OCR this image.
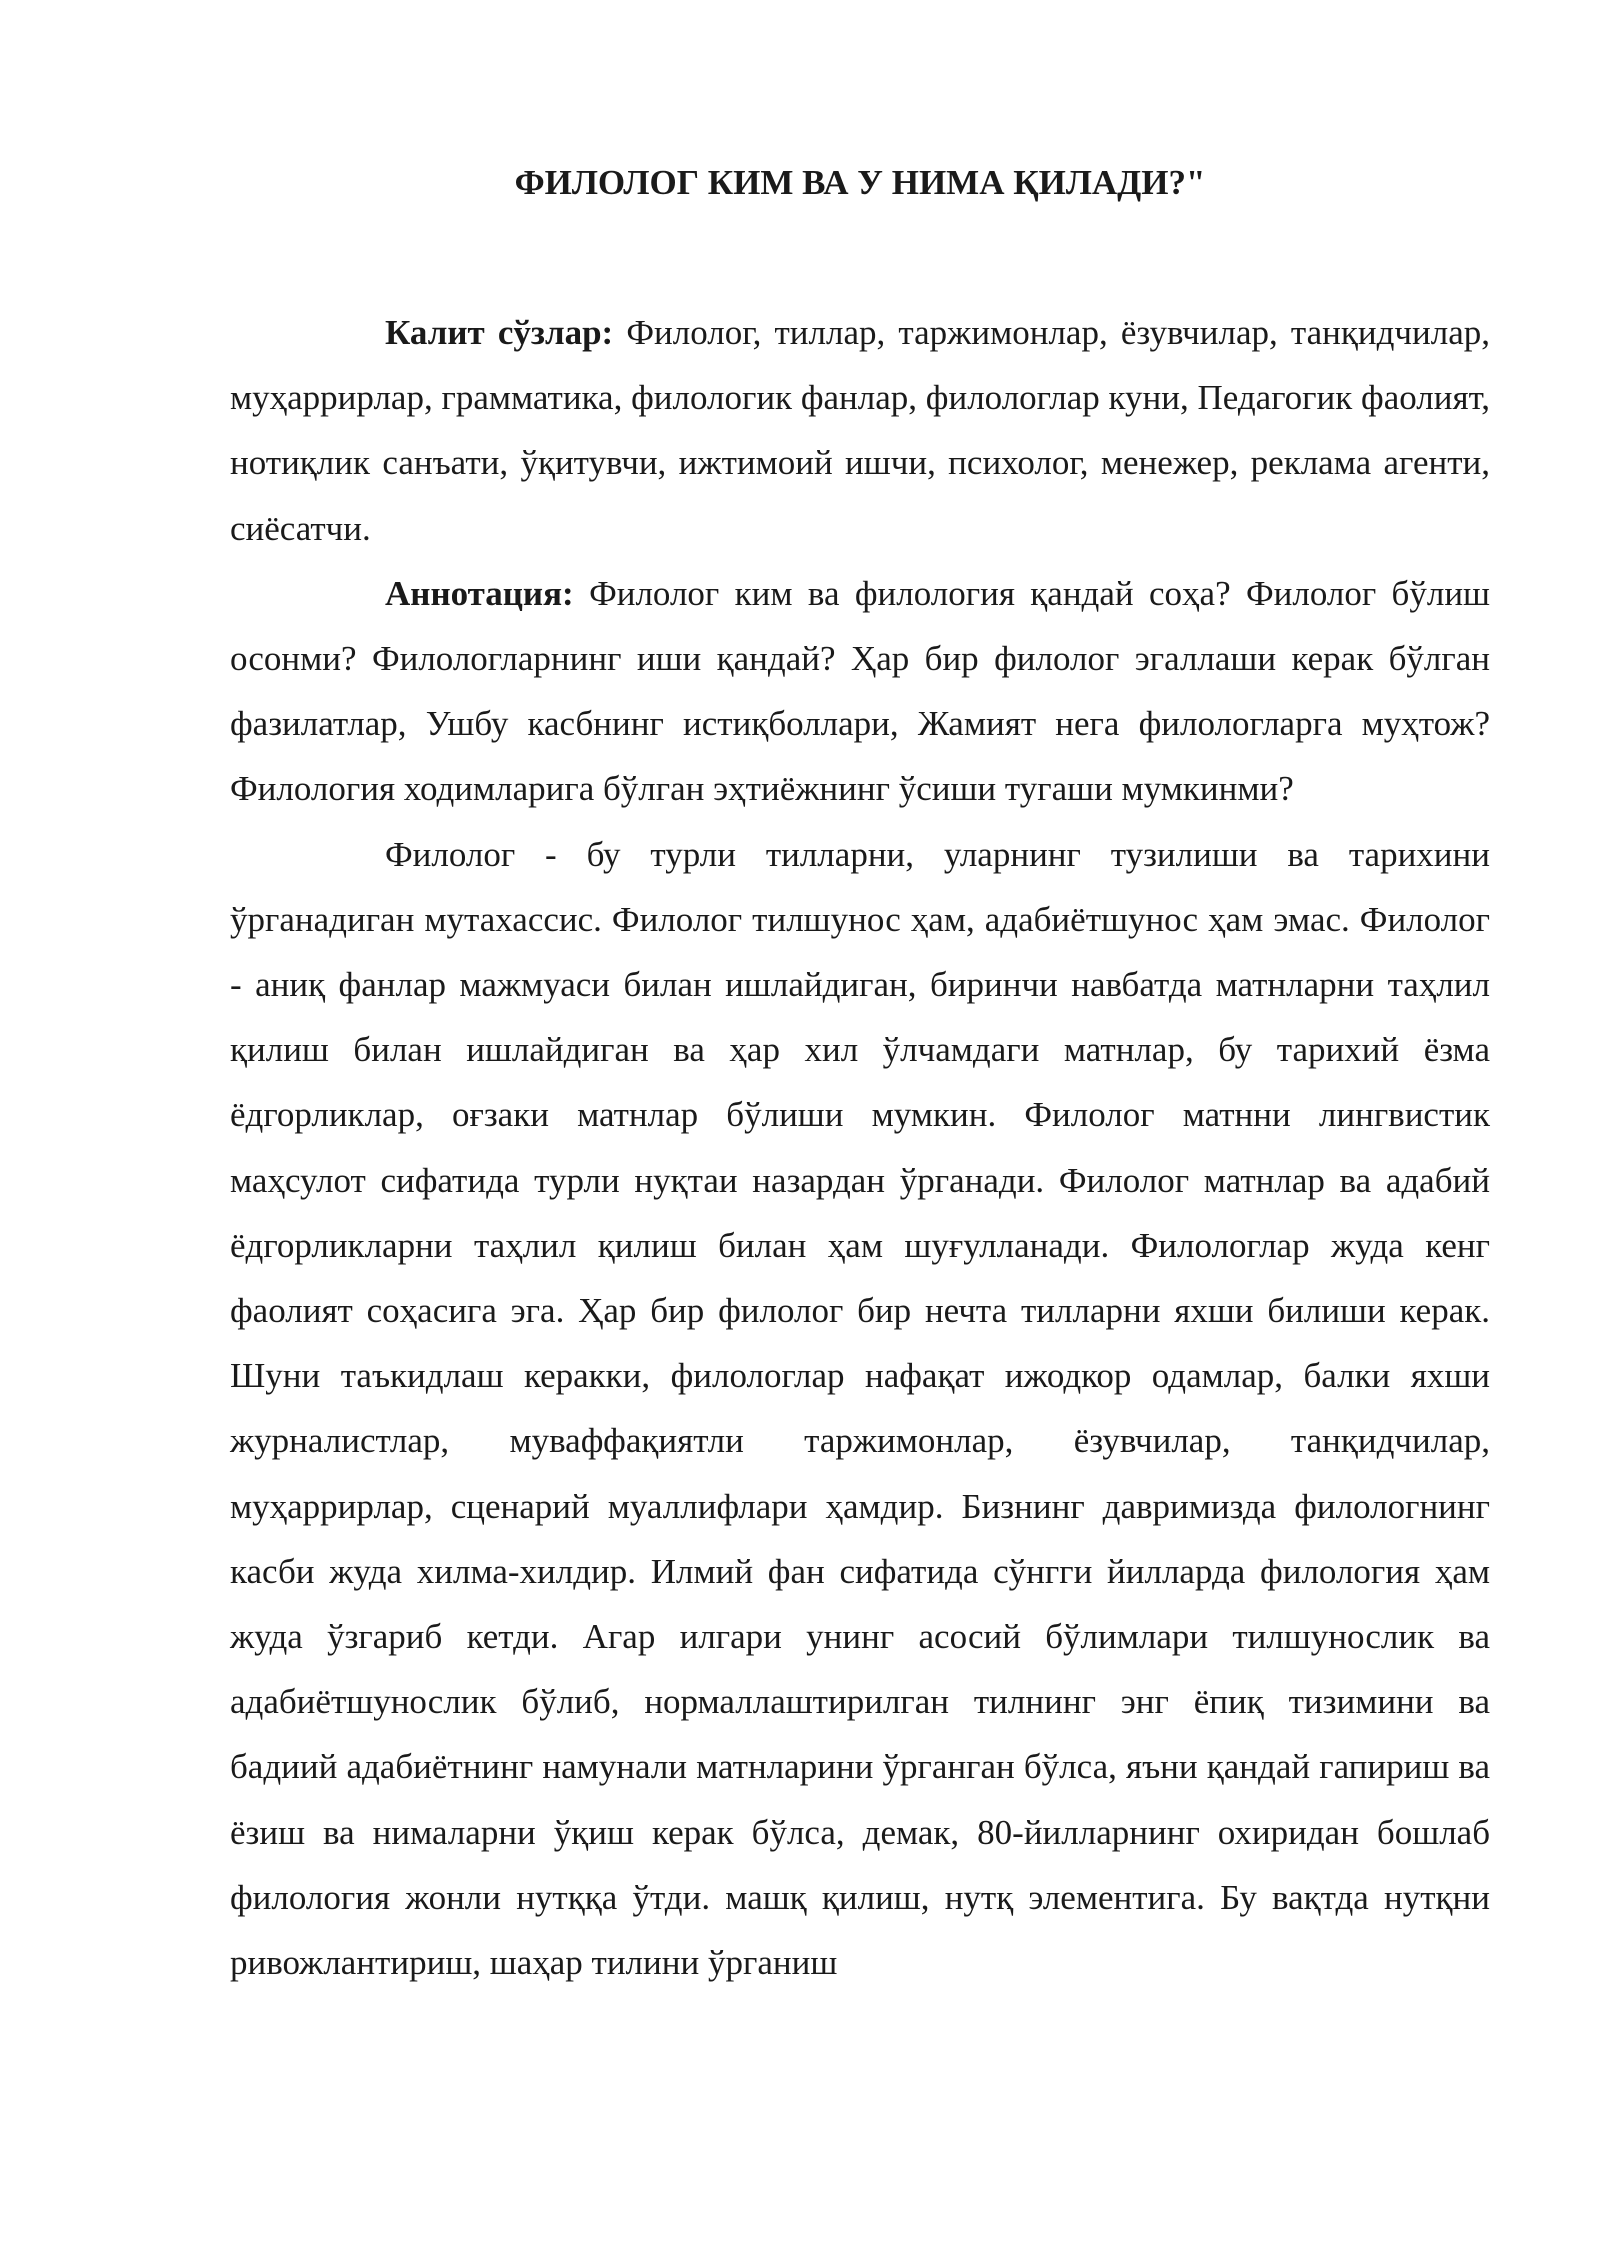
ФИЛОЛОГ КИМ ВА У НИМА ҚИЛАДИ?"

Калит сўзлар: Филолог, тиллар, таржимонлар, ёзувчилар, танқидчилар, муҳаррирлар, грамматика, филологик фанлар, филологлар куни, Педагогик фаолият, нотиқлик санъати, ўқитувчи, ижтимоий ишчи, психолог, менежер, реклама агенти, сиёсатчи.

Аннотация: Филолог ким ва филология қандай соҳа? Филолог бўлиш осонми? Филологларнинг иши қандай? Ҳар бир филолог эгаллаши керак бўлган фазилатлар, Ушбу касбнинг истиқболлари, Жамият нега филологларга муҳтож? Филология ходимларига бўлган эҳтиёжнинг ўсиши тугаши мумкинми?

Филолог - бу турли тилларни, уларнинг тузилиши ва тарихини ўрганадиган мутахассис. Филолог тилшунос ҳам, адабиётшунос ҳам эмас. Филолог - аниқ фанлар мажмуаси билан ишлайдиган, биринчи навбатда матнларни таҳлил қилиш билан ишлайдиган ва ҳар хил ўлчамдаги матнлар, бу тарихий ёзма ёдгорликлар, оғзаки матнлар бўлиши мумкин. Филолог матнни лингвистик маҳсулот сифатида турли нуқтаи назардан ўрганади. Филолог матнлар ва адабий ёдгорликларни таҳлил қилиш билан ҳам шуғулланади. Филологлар жуда кенг фаолият соҳасига эга. Ҳар бир филолог бир нечта тилларни яхши билиши керак. Шуни таъкидлаш керакки, филологлар нафақат ижодкор одамлар, балки яхши журналистлар, муваффақиятли таржимонлар, ёзувчилар, танқидчилар, муҳаррирлар, сценарий муаллифлари ҳамдир. Бизнинг давримизда филологнинг касби жуда хилма-хилдир. Илмий фан сифатида сўнгги йилларда филология ҳам жуда ўзгариб кетди. Агар илгари унинг асосий бўлимлари тилшунослик ва адабиётшунослик бўлиб, нормаллаштирилган тилнинг энг ёпиқ тизимини ва бадиий адабиётнинг намунали матнларини ўрганган бўлса, яъни қандай гапириш ва ёзиш ва нималарни ўқиш керак бўлса, демак, 80-йилларнинг охиридан бошлаб филология жонли нутққа ўтди. машқ қилиш, нутқ элементига. Бу вақтда нутқни ривожлантириш, шаҳар тилини ўрганиш
